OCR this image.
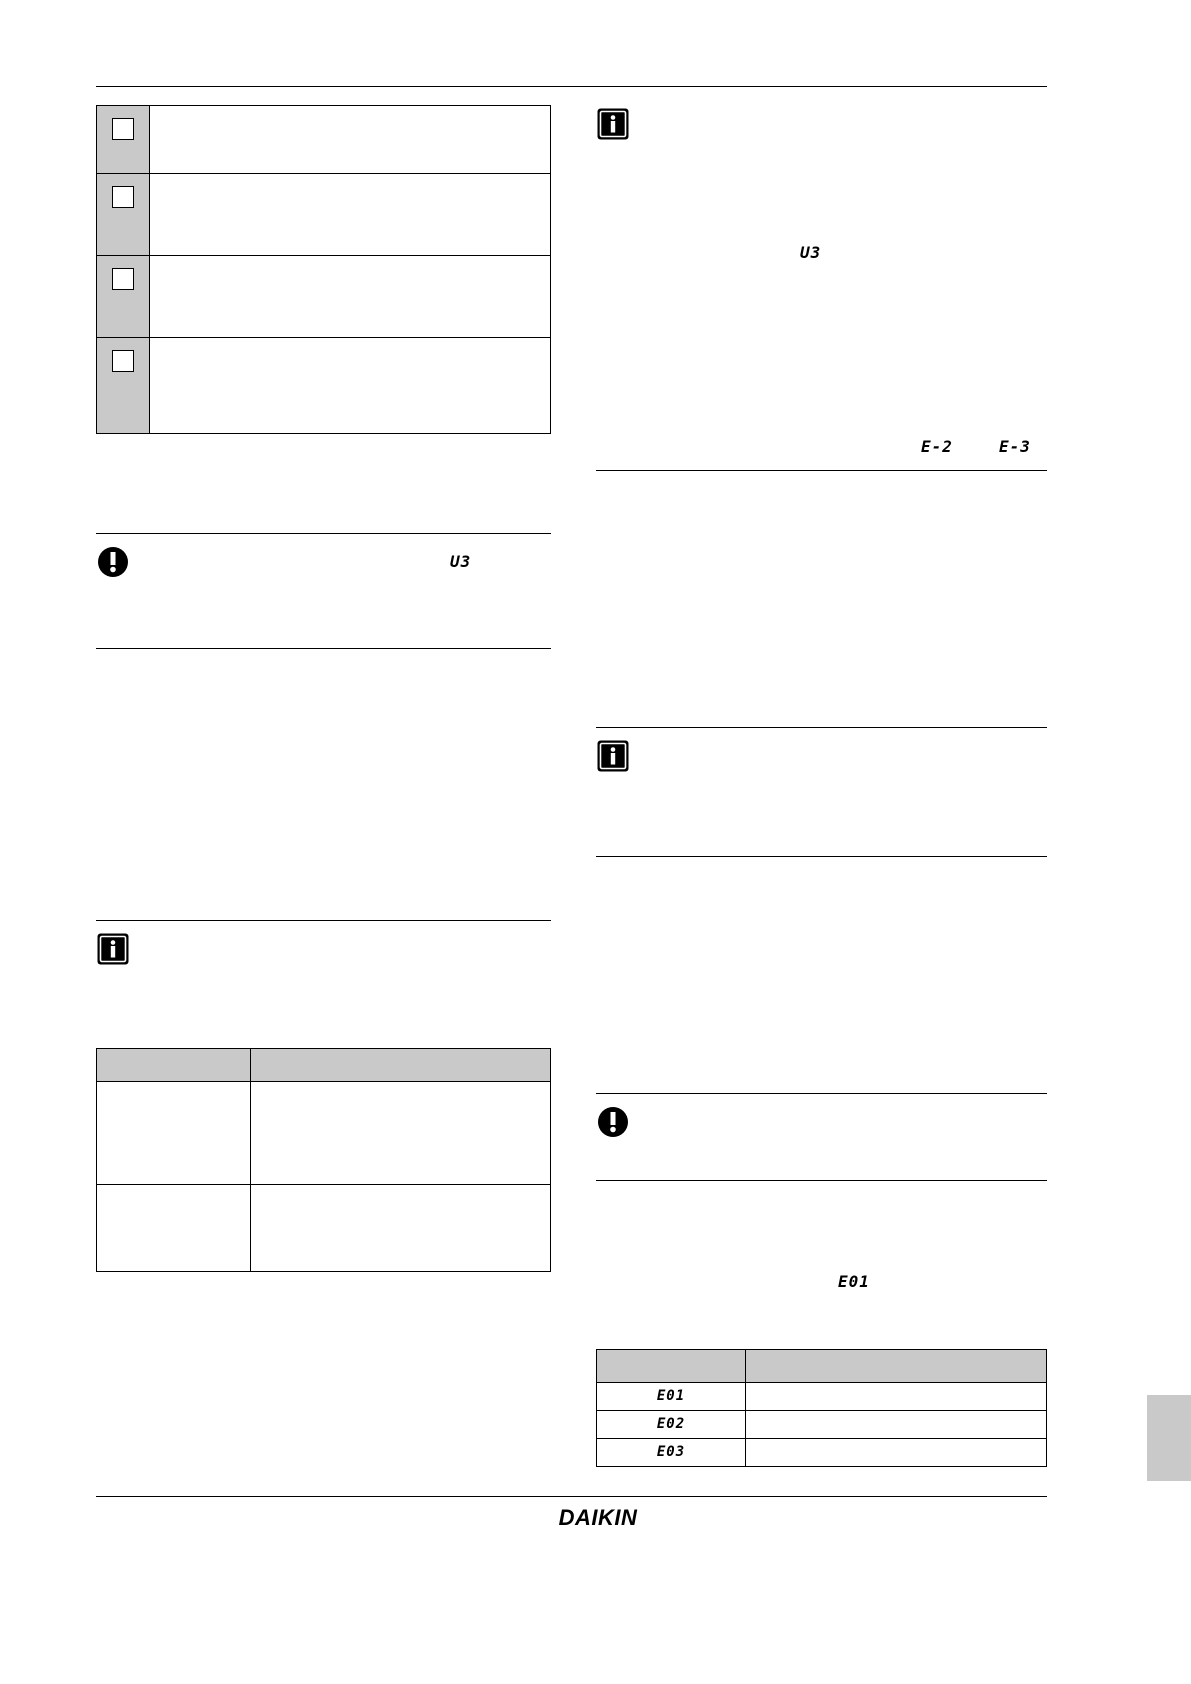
U3

U3
E-2	E-3

E01

E01	
E02	
E03	
DAIKIN
